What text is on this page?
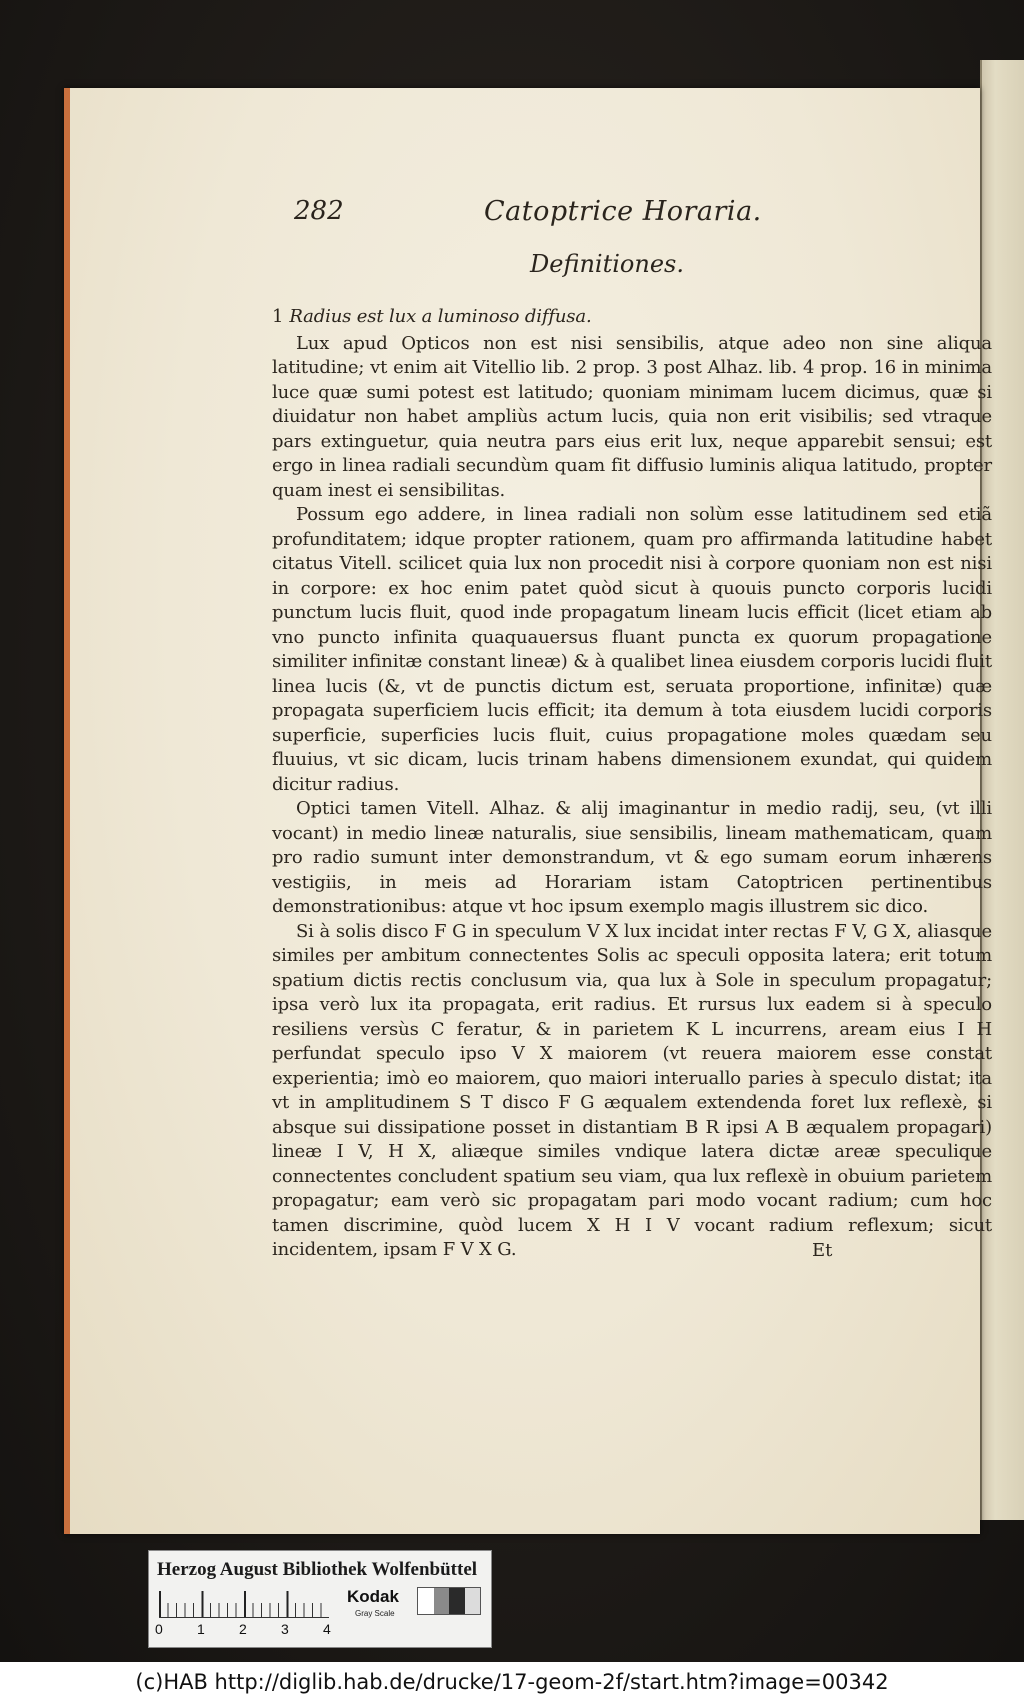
282	Catoptrice Horaria.
Definitiones.

1 Radius est lux a luminoso diffusa.

Lux apud Opticos non est nisi sensibilis, atque adeo non sine aliqua latitudine; vt enim ait Vitellio lib. 2 prop. 3 post Alhaz. lib. 4 prop. 16 in minima luce quæ sumi potest est latitudo; quoniam minimam lucem dicimus, quæ si diuidatur non habet ampliùs actum lucis, quia non erit visibilis; sed vtraque pars extinguetur, quia neutra pars eius erit lux, neque apparebit sensui; est ergo in linea radiali secundùm quam fit diffusio luminis aliqua latitudo, propter quam inest ei sensibilitas.

Possum ego addere, in linea radiali non solùm esse latitudinem sed etiã profunditatem; idque propter rationem, quam pro affirmanda latitudine habet citatus Vitell. scilicet quia lux non procedit nisi à corpore quoniam non est nisi in corpore: ex hoc enim patet quòd sicut à quouis puncto corporis lucidi punctum lucis fluit, quod inde propagatum lineam lucis efficit (licet etiam ab vno puncto infinita quaquauersus fluant puncta ex quorum propagatione similiter infinitæ constant lineæ) & à qualibet linea eiusdem corporis lucidi fluit linea lucis (&, vt de punctis dictum est, seruata proportione, infinitæ) quæ propagata superficiem lucis efficit; ita demum à tota eiusdem lucidi corporis superficie, superficies lucis fluit, cuius propagatione moles quædam seu fluuius, vt sic dicam, lucis trinam habens dimensionem exundat, qui quidem dicitur radius.

Optici tamen Vitell. Alhaz. & alij imaginantur in medio radij, seu, (vt illi vocant) in medio lineæ naturalis, siue sensibilis, lineam mathematicam, quam pro radio sumunt inter demonstrandum, vt & ego sumam eorum inhærens vestigiis, in meis ad Horariam istam Catoptricen pertinentibus demonstrationibus: atque vt hoc ipsum exemplo magis illustrem sic dico.

Si à solis disco F G in speculum V X lux incidat inter rectas F V, G X, aliasque similes per ambitum connectentes Solis ac speculi opposita latera; erit totum spatium dictis rectis conclusum via, qua lux à Sole in speculum propagatur; ipsa verò lux ita propagata, erit radius. Et rursus lux eadem si à speculo resiliens versùs C feratur, & in parietem K L incurrens, aream eius I H perfundat speculo ipso V X maiorem (vt reuera maiorem esse constat experientia; imò eo maiorem, quo maiori interuallo paries à speculo distat; ita vt in amplitudinem S T disco F G æqualem extendenda foret lux reflexè, si absque sui dissipatione posset in distantiam B R ipsi A B æqualem propagari) lineæ I V, H X, aliæque similes vndique latera dictæ areæ speculique connectentes concludent spatium seu viam, qua lux reflexè in obuium parietem propagatur; eam verò sic propagatam pari modo vocant radium; cum hoc tamen discrimine, quòd lucem X H I V vocant radium reflexum; sicut incidentem, ipsam F V X G.	Et
Herzog August Bibliothek Wolfenbüttel
0 1 2 3 4
Kodak
Gray Scale
(c)HAB http://diglib.hab.de/drucke/17-geom-2f/start.htm?image=00342
